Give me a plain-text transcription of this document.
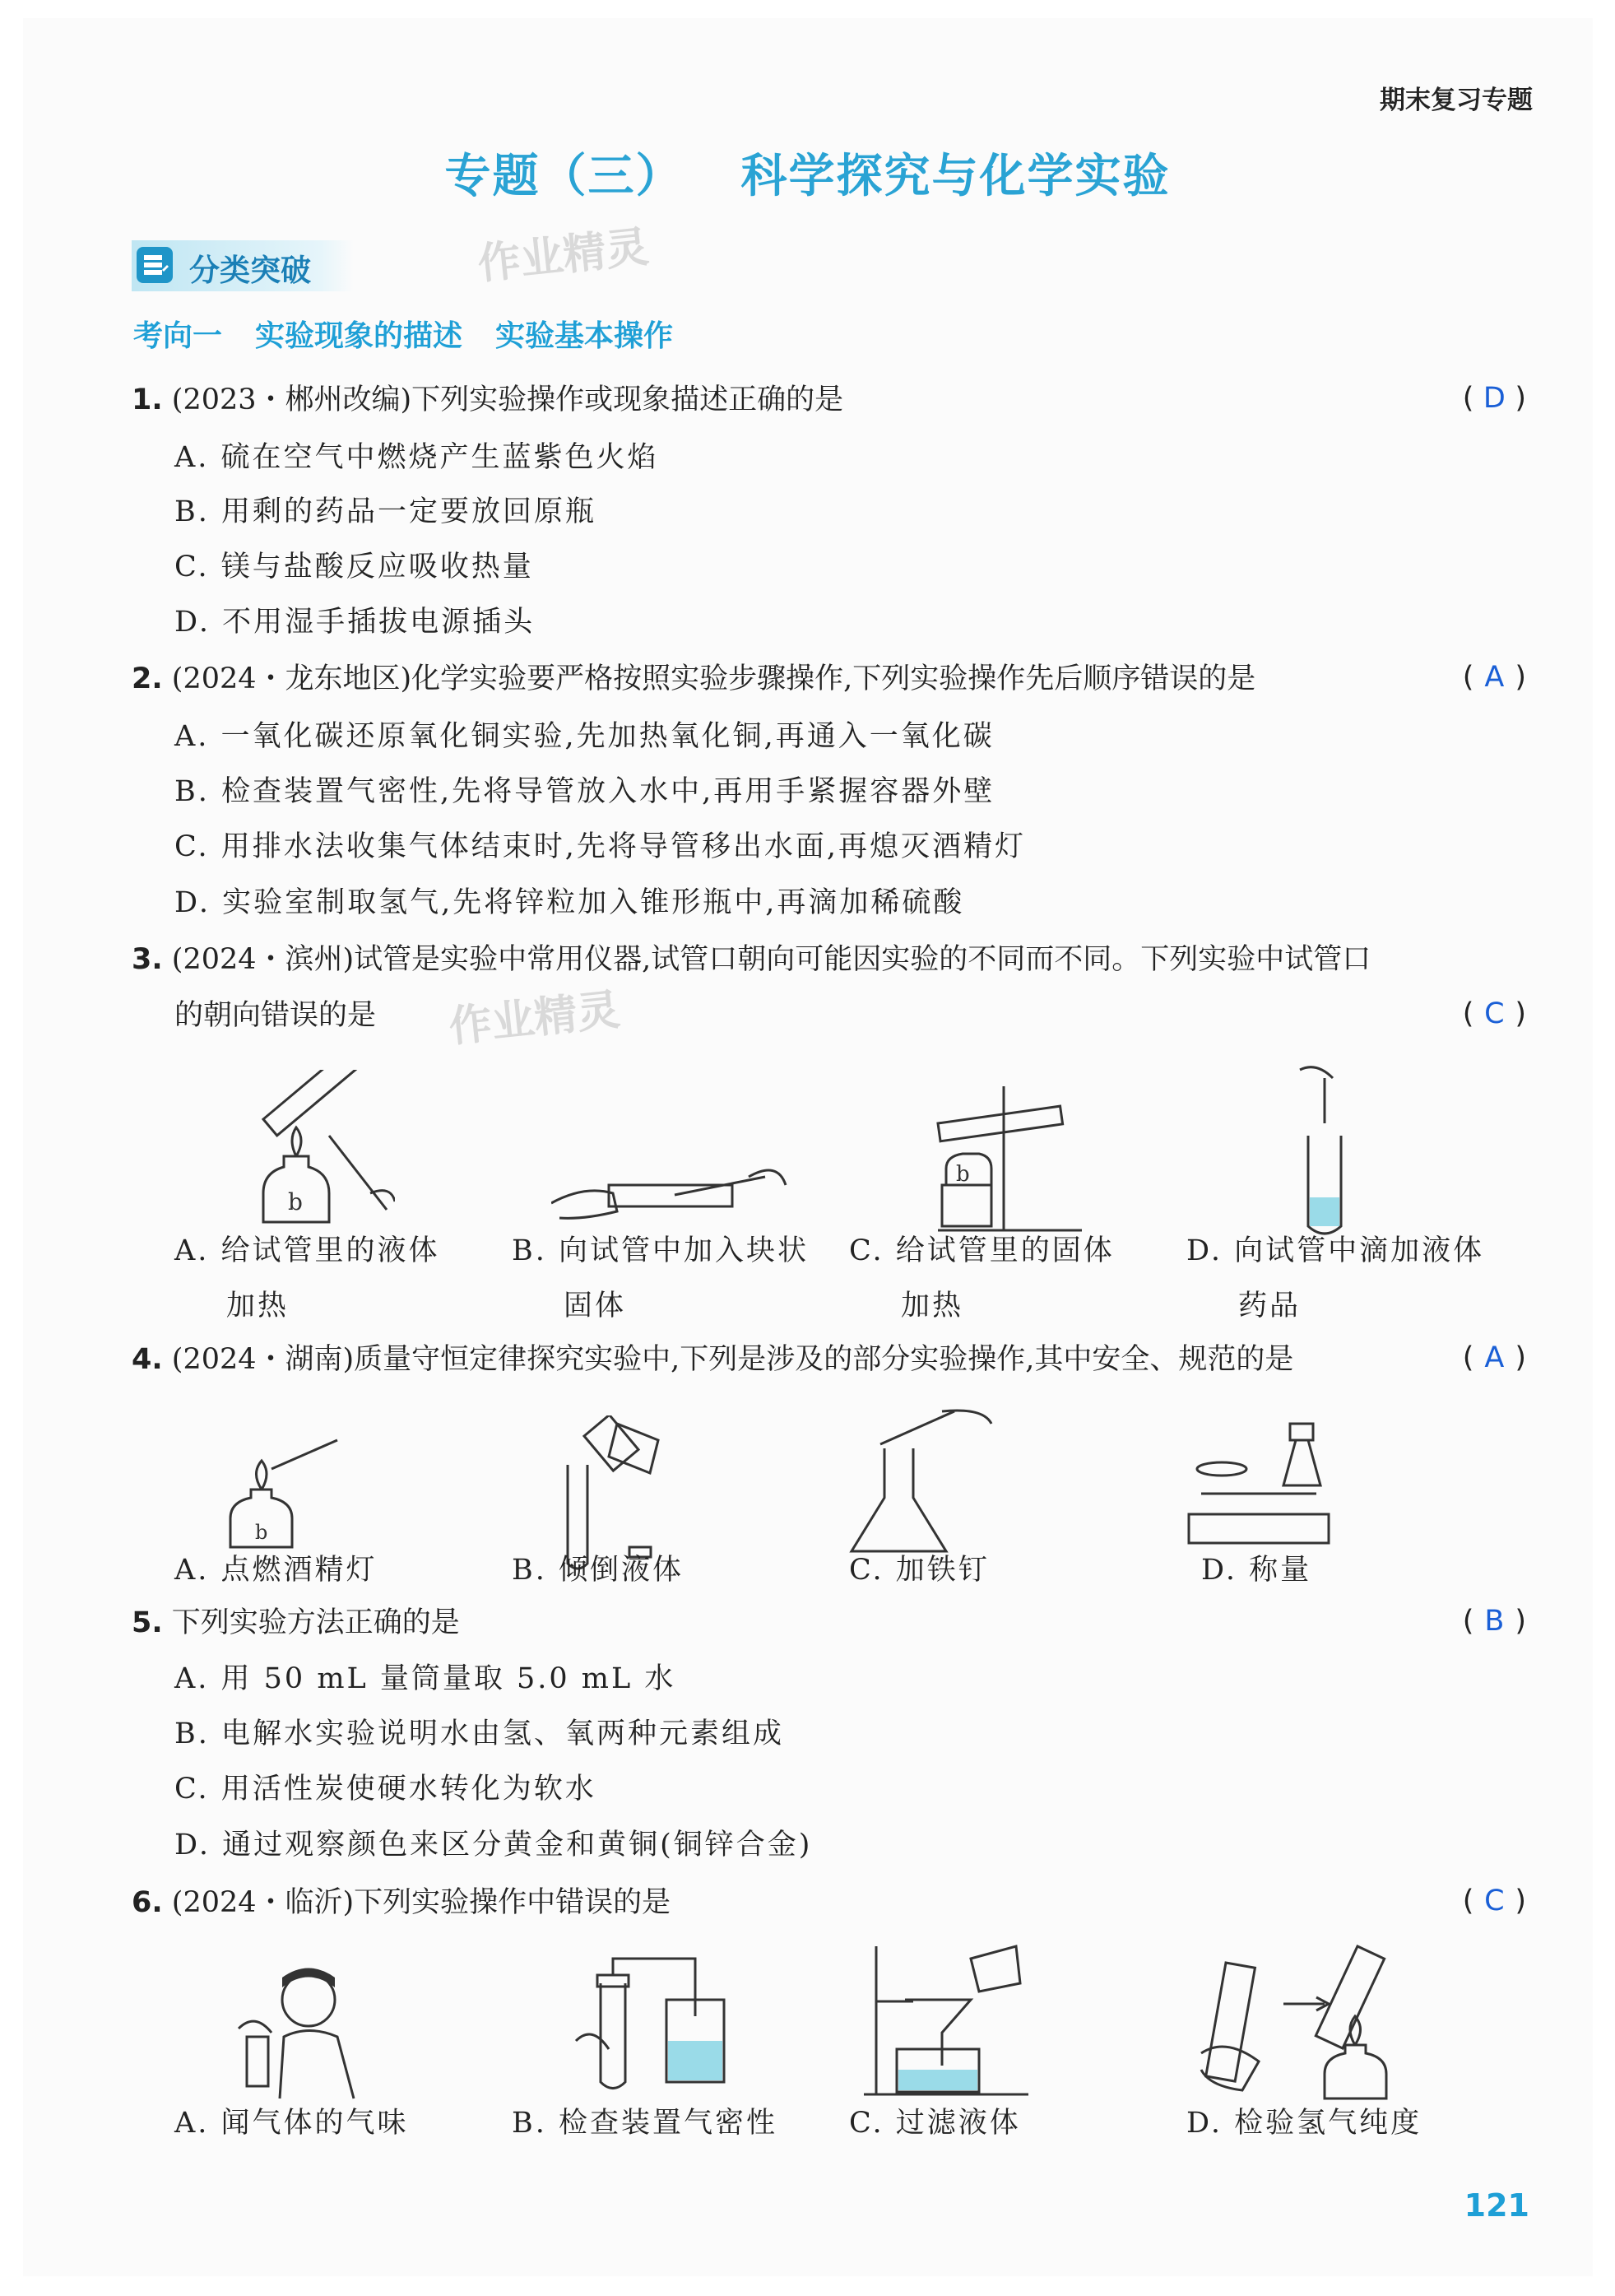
期末复习专题
专题（三） 科学探究与化学实验
分类突破	作业精灵
作业精灵
考向一 实验现象的描述 实验基本操作
1. (2023・郴州改编)下列实验操作或现象描述正确的是	( D )
A. 硫在空气中燃烧产生蓝紫色火焰
B. 用剩的药品一定要放回原瓶
C. 镁与盐酸反应吸收热量
D. 不用湿手插拔电源插头
2. (2024・龙东地区)化学实验要严格按照实验步骤操作,下列实验操作先后顺序错误的是	( A )
A. 一氧化碳还原氧化铜实验,先加热氧化铜,再通入一氧化碳
B. 检查装置气密性,先将导管放入水中,再用手紧握容器外壁
C. 用排水法收集气体结束时,先将导管移出水面,再熄灭酒精灯
D. 实验室制取氢气,先将锌粒加入锥形瓶中,再滴加稀硫酸
3. (2024・滨州)试管是实验中常用仪器,试管口朝向可能因实验的不同而不同。下列实验中试管口
的朝向错误的是	( C )
b
b
A. 给试管里的液体
加热
B. 向试管中加入块状
固体
C. 给试管里的固体
加热
D. 向试管中滴加液体
药品
4. (2024・湖南)质量守恒定律探究实验中,下列是涉及的部分实验操作,其中安全、规范的是	( A )
b
A. 点燃酒精灯	B. 倾倒液体	C. 加铁钉	D. 称量
5. 下列实验方法正确的是	( B )
A. 用 50 mL 量筒量取 5.0 mL 水
B. 电解水实验说明水由氢、氧两种元素组成
C. 用活性炭使硬水转化为软水
D. 通过观察颜色来区分黄金和黄铜(铜锌合金)
6. (2024・临沂)下列实验操作中错误的是	( C )
A. 闻气体的气味	B. 检查装置气密性 C. 过滤液体	D. 检验氢气纯度
121
